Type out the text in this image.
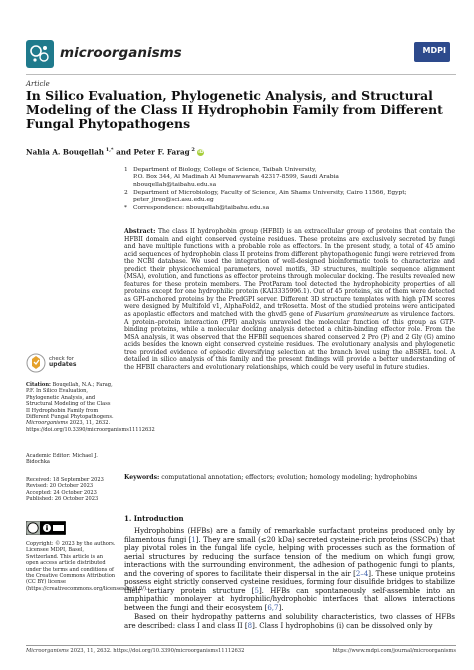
microorganisms	MDPI
Article
In Silico Evaluation, Phylogenetic Analysis, and Structural Modeling of the Class II Hydrophobin Family from Different Fungal Phytopathogens
Nahla A. Bouqellah $^{1,*}$ and Peter F. Farag $^2$ iD
1 Department of Biology, College of Science, Taibah University,
P.O. Box 344, Al Madinah Al Munawwarah 42317-8599, Saudi Arabia
nbouqellah@taibahu.edu.sa
2 Department of Microbiology, Faculty of Science, Ain Shams University, Cairo 11566, Egypt;
peter_jireo@sci.asu.edu.eg
*	Correspondence: nbouqellah@taibahu.edu.sa
Abstract: The class II hydrophobin group (HFBII) is an extracellular group of proteins that contain the HFBII domain and eight conserved cysteine residues. These proteins are exclusively secreted by fungi and have multiple functions with a probable role as effectors. In the present study, a total of 45 amino acid sequences of hydrophobin class II proteins from different phytopathogenic fungi were retrieved from the NCBI database. We used the integration of well-designed bioinformatic tools to characterize and predict their physicochemical parameters, novel motifs, 3D structures, multiple sequence alignment (MSA), evolution, and functions as effector proteins through molecular docking. The results revealed new features for these protein members. The ProtParam tool detected the hydrophobicity properties of all proteins except for one hydrophilic protein (KAI3335996.1). Out of 45 proteins, six of them were detected as GPI-anchored proteins by the PredGPI server. Different 3D structure templates with high pTM scores were designed by Multifold v1, AlphaFold2, and trRosetta. Most of the studied proteins were anticipated as apoplastic effectors and matched with the ghvd5 gene of Fusarium graminearum as virulence factors. A protein–protein interaction (PPI) analysis unraveled the molecular function of this group as GTP-binding proteins, while a molecular docking analysis detected a chitin-binding effector role. From the MSA analysis, it was observed that the HFBII sequences shared conserved 2 Pro (P) and 2 Gly (G) amino acids besides the known eight conserved cysteine residues. The evolutionary analysis and phylogenetic tree provided evidence of episodic diversifying selection at the branch level using the aBSREL tool. A detailed in silico analysis of this family and the present findings will provide a better understanding of the HFBII characters and evolutionary relationships, which could be very useful in future studies.
Keywords: computational annotation; effectors; evolution; homology modeling; hydrophobins
check for
updates
Citation: Bouqellah, N.A.; Farag, P.F. In Silico Evaluation, Phylogenetic Analysis, and Structural Modeling of the Class II Hydrophobin Family from Different Fungal Phytopathogens. Microorganisms 2023, 11, 2632. https://doi.org/10.3390/microorganisms11112632
Academic Editor: Michael J. Bidochka
Received: 18 September 2023
Revised: 20 October 2023
Accepted: 24 October 2023
Published: 26 October 2023
Copyright: © 2023 by the authors. Licensee MDPI, Basel, Switzerland. This article is an open access article distributed under the terms and conditions of the Creative Commons Attribution (CC BY) license (https://creativecommons.org/licenses/by/4.0/).
1. Introduction

Hydrophobins (HFBs) are a family of remarkable surfactant proteins produced only by filamentous fungi [1]. They are small (≤20 kDa) secreted cysteine-rich proteins (SSCPs) that play pivotal roles in the fungal life cycle, helping with processes such as the formation of aerial structures by reducing the surface tension of the medium on which fungi grow, interactions with the surrounding environment, the adhesion of pathogenic fungi to plants, and the covering of spores to facilitate their dispersal in the air [2–4]. These unique proteins possess eight strictly conserved cysteine residues, forming four disulfide bridges to stabilize their tertiary protein structure [5]. HFBs can spontaneously self-assemble into an amphipathic monolayer at hydrophilic/hydrophobic interfaces that allows interactions between the fungi and their ecosystem [6,7].

Based on their hydropathy patterns and solubility characteristics, two classes of HFBs are described: class I and class II [8]. Class I hydrophobins (i) can be dissolved only by

Microorganisms 2023, 11, 2632. https://doi.org/10.3390/microorganisms11112632	https://www.mdpi.com/journal/microorganisms
